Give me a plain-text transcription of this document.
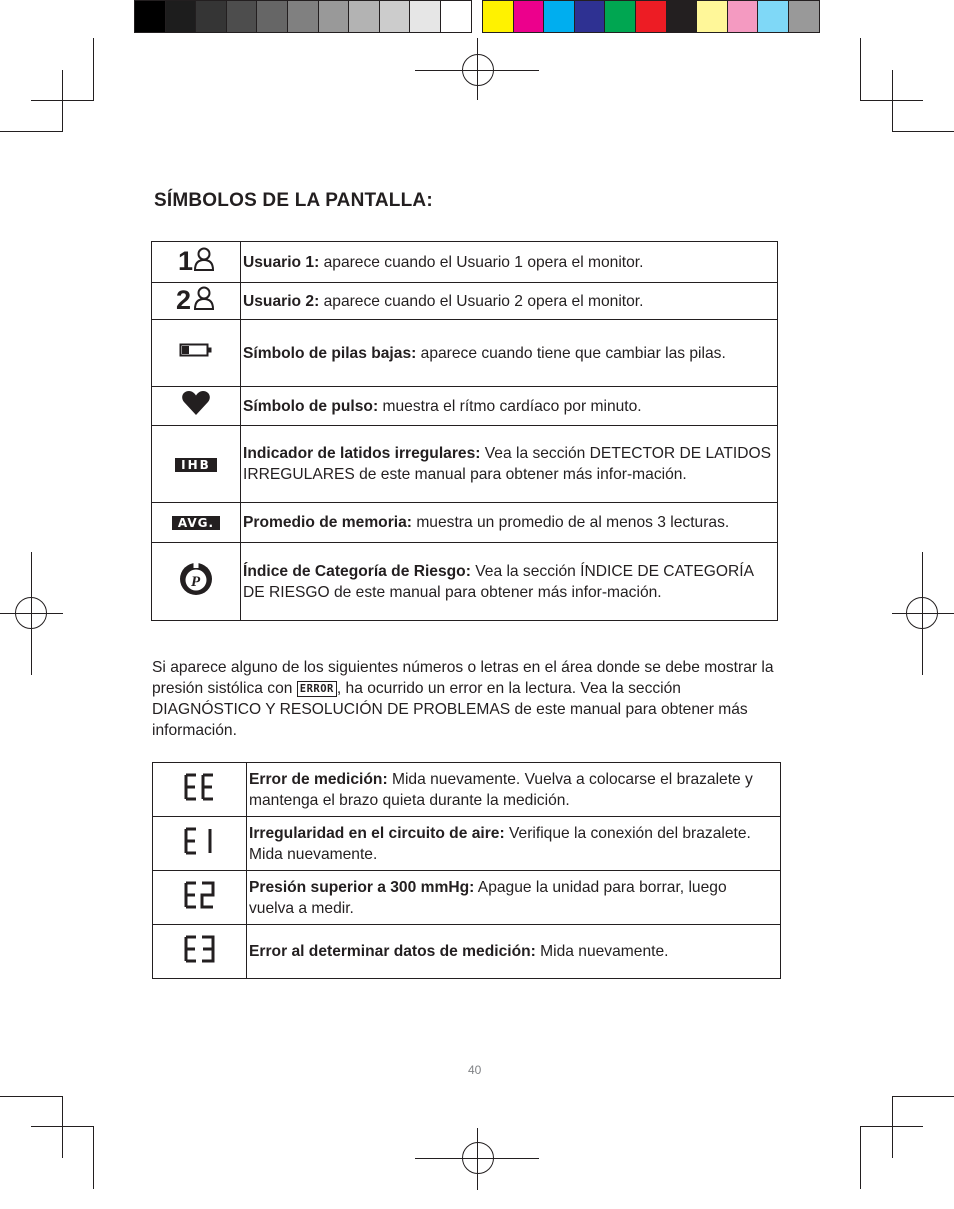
SÍMBOLOS DE LA PANTALLA:
1	Usuario 1: aparece cuando el Usuario 1 opera el monitor.

2	Usuario 2: aparece cuando el Usuario 2 opera el monitor.
	Símbolo de pilas bajas: aparece cuando tiene que cambiar las pilas.
	Símbolo de pulso: muestra el rítmo cardíaco por minuto.
IHB	Indicador de latidos irregulares: Vea la sección DETECTOR DE LATIDOS IRREGULARES de este manual para obtener más infor-mación.
AVG.	Promedio de memoria: muestra un promedio de al menos 3 lecturas.

P	Índice de Categoría de Riesgo: Vea la sección ÍNDICE DE CATEGORÍA DE RIESGO de este manual para obtener más infor-mación.
Si aparece alguno de los siguientes números o letras en el área donde se debe mostrar la presión sistólica con ERROR , ha ocurrido un error en la lectura. Vea la sección DIAGNÓSTICO Y RESOLUCIÓN DE PROBLEMAS de este manual para obtener más información.
	Error de medición: Mida nuevamente. Vuelva a colocarse el brazalete y mantenga el brazo quieta durante la medición.
	Irregularidad en el circuito de aire: Verifique la conexión del brazalete. Mida nuevamente.
	Presión superior a 300 mmHg: Apague la unidad para borrar, luego vuelva a medir.
	Error al determinar datos de medición: Mida nuevamente.
40
